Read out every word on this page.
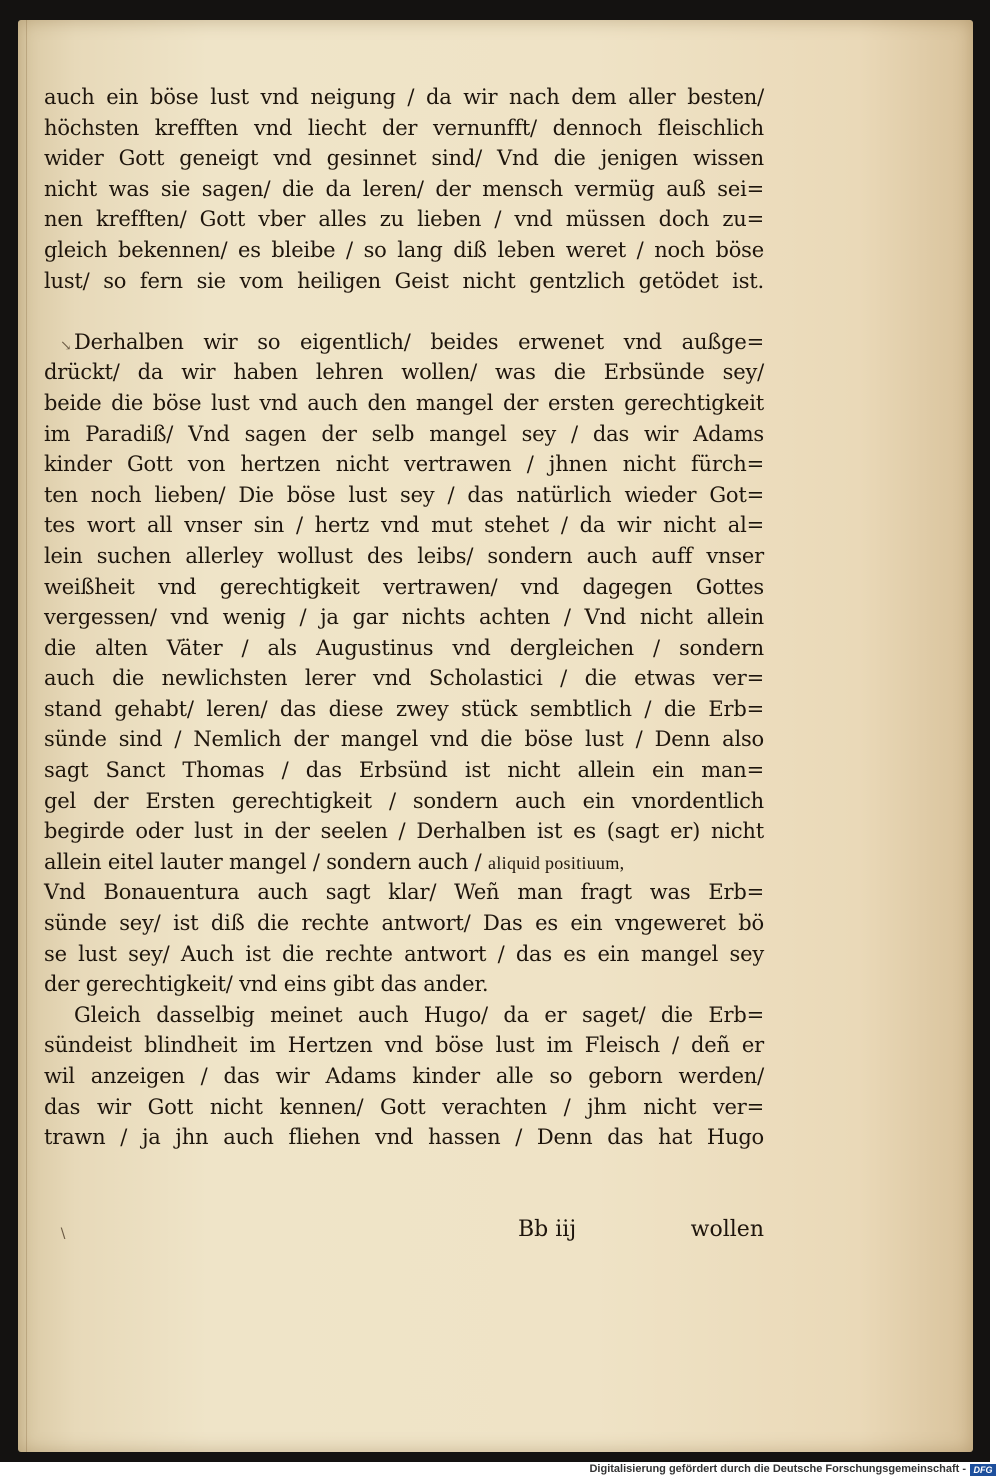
auch ein böse lust vnd neigung / da wir nach dem aller besten/
höchsten krefften vnd liecht der vernunfft/ dennoch fleischlich
wider Gott geneigt vnd gesinnet sind/ Vnd die jenigen wissen
nicht was sie sagen/ die da leren/ der mensch vermüg auß sei=
nen krefften/ Gott vber alles zu lieben / vnd müssen doch zu=
gleich bekennen/ es bleibe / so lang diß leben weret / noch böse
lust/ so fern sie vom heiligen Geist nicht gentzlich getödet ist.
Derhalben wir so eigentlich/ beides erwenet vnd außge=
drückt/ da wir haben lehren wollen/ was die Erbsünde sey/
beide die böse lust vnd auch den mangel der ersten gerechtigkeit
im Paradiß/ Vnd sagen der selb mangel sey / das wir Adams
kinder Gott von hertzen nicht vertrawen / jhnen nicht fürch=
ten noch lieben/ Die böse lust sey / das natürlich wieder Got=
tes wort all vnser sin / hertz vnd mut stehet / da wir nicht al=
lein suchen allerley wollust des leibs/ sondern auch auff vnser
weißheit vnd gerechtigkeit vertrawen/ vnd dagegen Gottes
vergessen/ vnd wenig / ja gar nichts achten / Vnd nicht allein
die alten Väter / als Augustinus vnd dergleichen / sondern
auch die newlichsten lerer vnd Scholastici / die etwas ver=
stand gehabt/ leren/ das diese zwey stück sembtlich / die Erb=
sünde sind / Nemlich der mangel vnd die böse lust / Denn also
sagt Sanct Thomas / das Erbsünd ist nicht allein ein man=
gel der Ersten gerechtigkeit / sondern auch ein vnordentlich
begirde oder lust in der seelen / Derhalben ist es (sagt er) nicht
allein eitel lauter mangel / sondern auch / aliquid positiuum,
Vnd Bonauentura auch sagt klar/ Weñ man fragt was Erb=
sünde sey/ ist diß die rechte antwort/ Das es ein vngeweret bö
se lust sey/ Auch ist die rechte antwort / das es ein mangel sey
der gerechtigkeit/ vnd eins gibt das ander.
Gleich dasselbig meinet auch Hugo/ da er saget/ die Erb=
sündeist blindheit im Hertzen vnd böse lust im Fleisch / deñ er
wil anzeigen / das wir Adams kinder alle so geborn werden/
das wir Gott nicht kennen/ Gott verachten / jhm nicht ver=
trawn / ja jhn auch fliehen vnd hassen / Denn das hat Hugo
↘
∖	Bb iij	wollen
Digitalisierung gefördert durch die Deutsche Forschungsgemeinschaft - DFG
